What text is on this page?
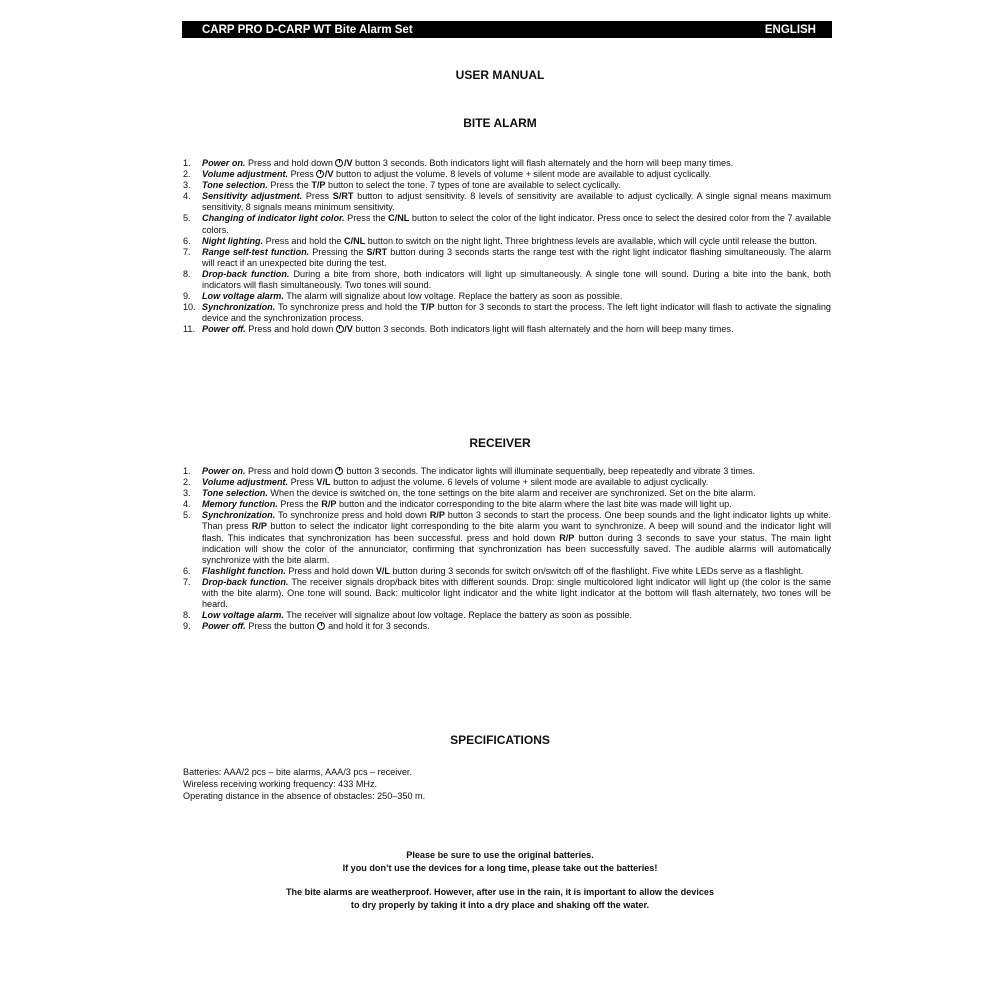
CARP PRO D-CARP WT Bite Alarm Set	ENGLISH
USER MANUAL
BITE ALARM
1. Power on. Press and hold down /V button 3 seconds. Both indicators light will flash alternately and the horn will beep many times.
2. Volume adjustment. Press /V button to adjust the volume. 8 levels of volume + silent mode are available to adjust cyclically.
3. Tone selection. Press the T/P button to select the tone. 7 types of tone are available to select cyclically.
4. Sensitivity adjustment. Press S/RT button to adjust sensitivity. 8 levels of sensitivity are available to adjust cyclically. A single signal means maximum sensitivity, 8 signals means minimum sensitivity.
5. Changing of indicator light color. Press the C/NL button to select the color of the light indicator. Press once to select the desired color from the 7 available colors.
6. Night lighting. Press and hold the C/NL button to switch on the night light. Three brightness levels are available, which will cycle until release the button.
7. Range self-test function. Pressing the S/RT button during 3 seconds starts the range test with the right light indicator flashing simultaneously. The alarm will react if an unexpected bite during the test.
8. Drop-back function. During a bite from shore, both indicators will light up simultaneously. A single tone will sound. During a bite into the bank, both indicators will flash simultaneously. Two tones will sound.
9. Low voltage alarm. The alarm will signalize about low voltage. Replace the battery as soon as possible.
10. Synchronization. To synchronize press and hold the T/P button for 3 seconds to start the process. The left light indicator will flash to activate the signaling device and the synchronization process.
11. Power off. Press and hold down /V button 3 seconds. Both indicators light will flash alternately and the horn will beep many times.
RECEIVER
1. Power on. Press and hold down  button 3 seconds. The indicator lights will illuminate sequentially, beep repeatedly and vibrate 3 times.
2. Volume adjustment. Press V/L button to adjust the volume. 6 levels of volume + silent mode are available to adjust cyclically.
3. Tone selection. When the device is switched on, the tone settings on the bite alarm and receiver are synchronized. Set on the bite alarm.
4. Memory function. Press the R/P button and the indicator corresponding to the bite alarm where the last bite was made will light up.
5. Synchronization. To synchronize press and hold down R/P button 3 seconds to start the process. One beep sounds and the light indicator lights up white. Than press R/P button to select the indicator light corresponding to the bite alarm you want to synchronize. A beep will sound and the indicator light will flash. This indicates that synchronization has been successful. press and hold down R/P button during 3 seconds to save your status. The main light indication will show the color of the annunciator, confirming that synchronization has been successfully saved. The audible alarms will automatically synchronize with the bite alarm.
6. Flashlight function. Press and hold down V/L button during 3 seconds for switch on/switch off of the flashlight. Five white LEDs serve as a flashlight.
7. Drop-back function. The receiver signals drop/back bites with different sounds. Drop: single multicolored light indicator will light up (the color is the same with the bite alarm). One tone will sound. Back: multicolor light indicator and the white light indicator at the bottom will flash alternately, two tones will be heard.
8. Low voltage alarm. The receiver will signalize about low voltage. Replace the battery as soon as possible.
9. Power off. Press the button  and hold it for 3 seconds.
SPECIFICATIONS
Batteries: AAA/2 pcs – bite alarms, AAA/3 pcs – receiver.
Wireless receiving working frequency: 433 MHz.
Operating distance in the absence of obstacles: 250–350 m.
Please be sure to use the original batteries.
If you don’t use the devices for a long time, please take out the batteries!
The bite alarms are weatherproof. However, after use in the rain, it is important to allow the devices
to dry properly by taking it into a dry place and shaking off the water.
